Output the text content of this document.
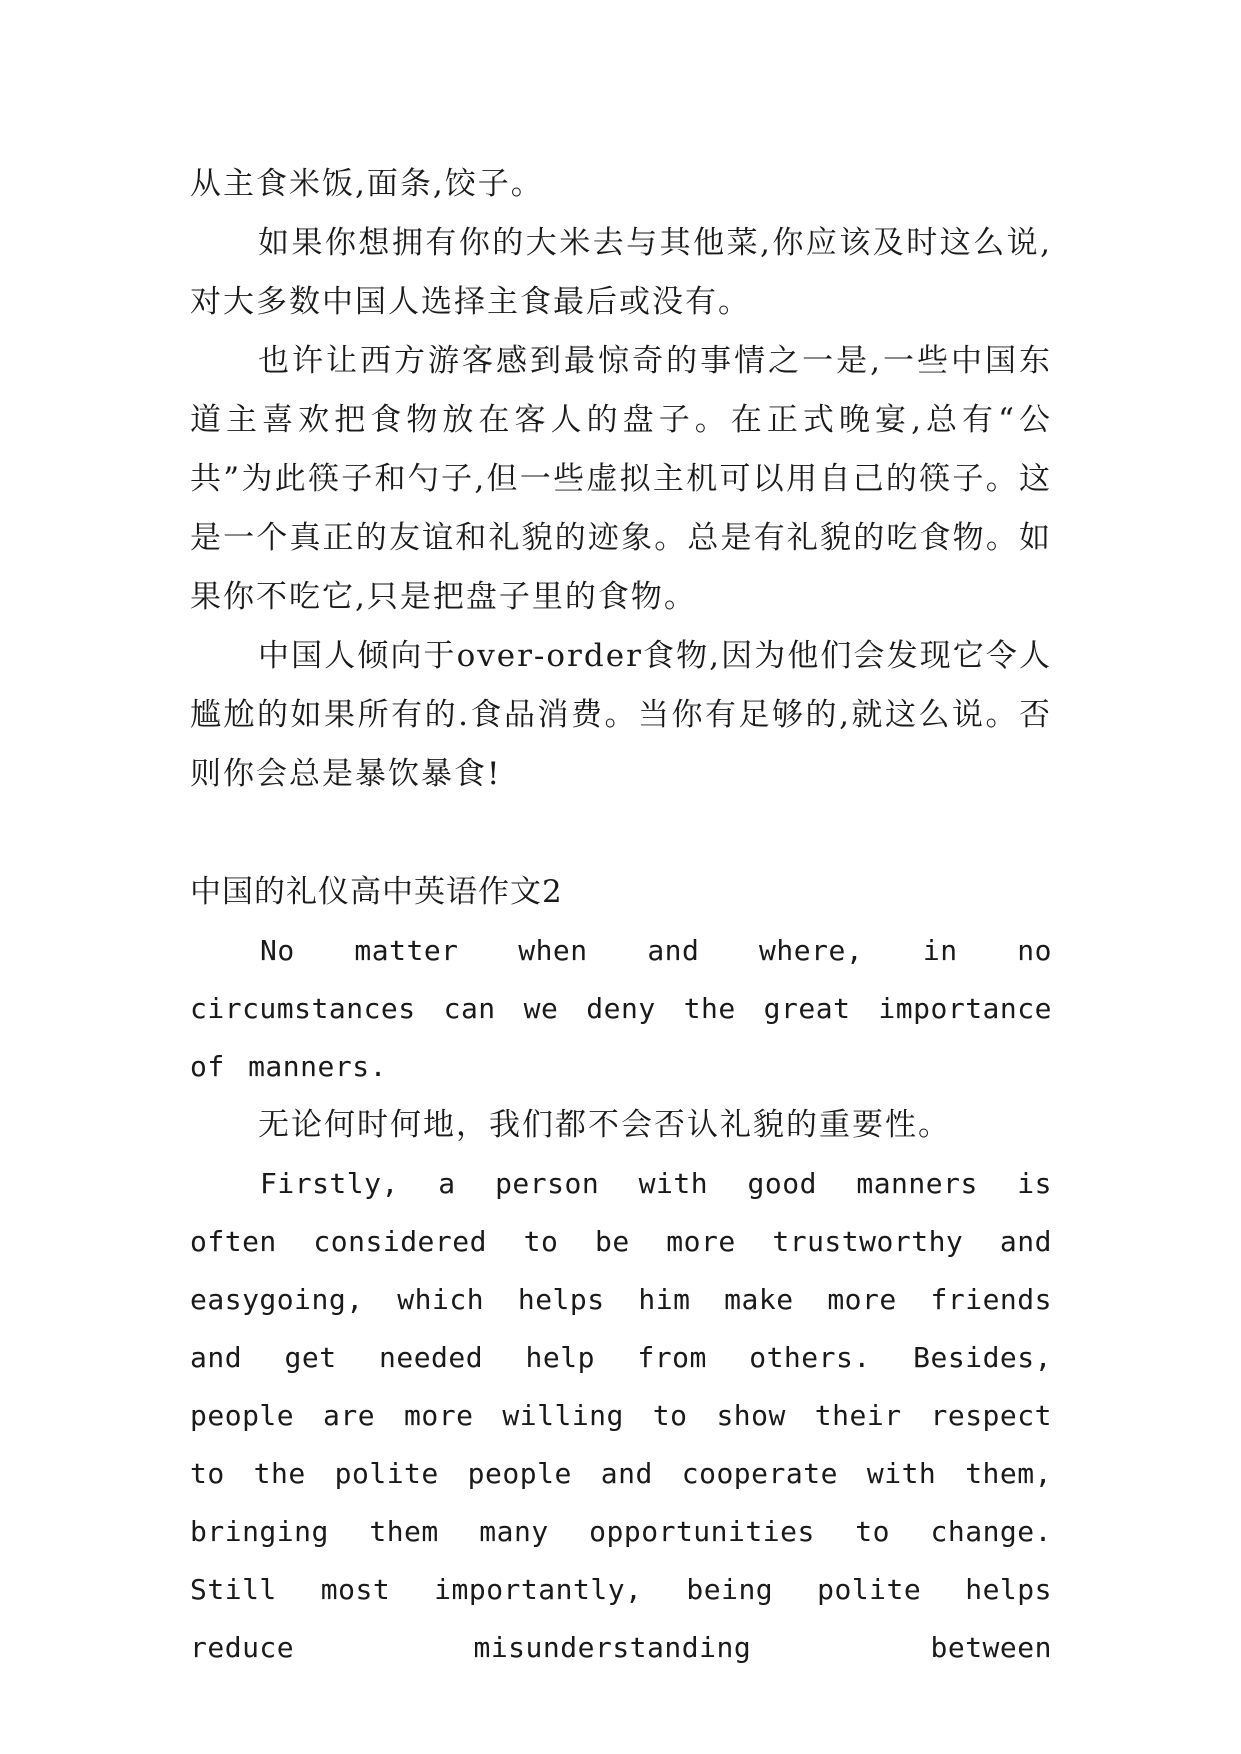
从主食米饭,面条,饺子。

如果你想拥有你的大米去与其他菜,你应该及时这么说,对大多数中国人选择主食最后或没有。

也许让西方游客感到最惊奇的事情之一是,一些中国东道主喜欢把食物放在客人的盘子。在正式晚宴,总有“公共”为此筷子和勺子,但一些虚拟主机可以用自己的筷子。这是一个真正的友谊和礼貌的迹象。总是有礼貌的吃食物。如果你不吃它,只是把盘子里的食物。

中国人倾向于over-order食物,因为他们会发现它令人尴尬的如果所有的.食品消费。当你有足够的,就这么说。否则你会总是暴饮暴食!

中国的礼仪高中英语作文2

No matter when and where, in no circumstances can we deny the great importance of manners.

无论何时何地，我们都不会否认礼貌的重要性。

Firstly, a person with good manners is often considered to be more trustworthy and easygoing, which helps him make more friends and get needed help from others. Besides, people are more willing to show their respect to the polite people and cooperate with them, bringing them many opportunities to change. Still most importantly, being polite helps reduce misunderstanding between
